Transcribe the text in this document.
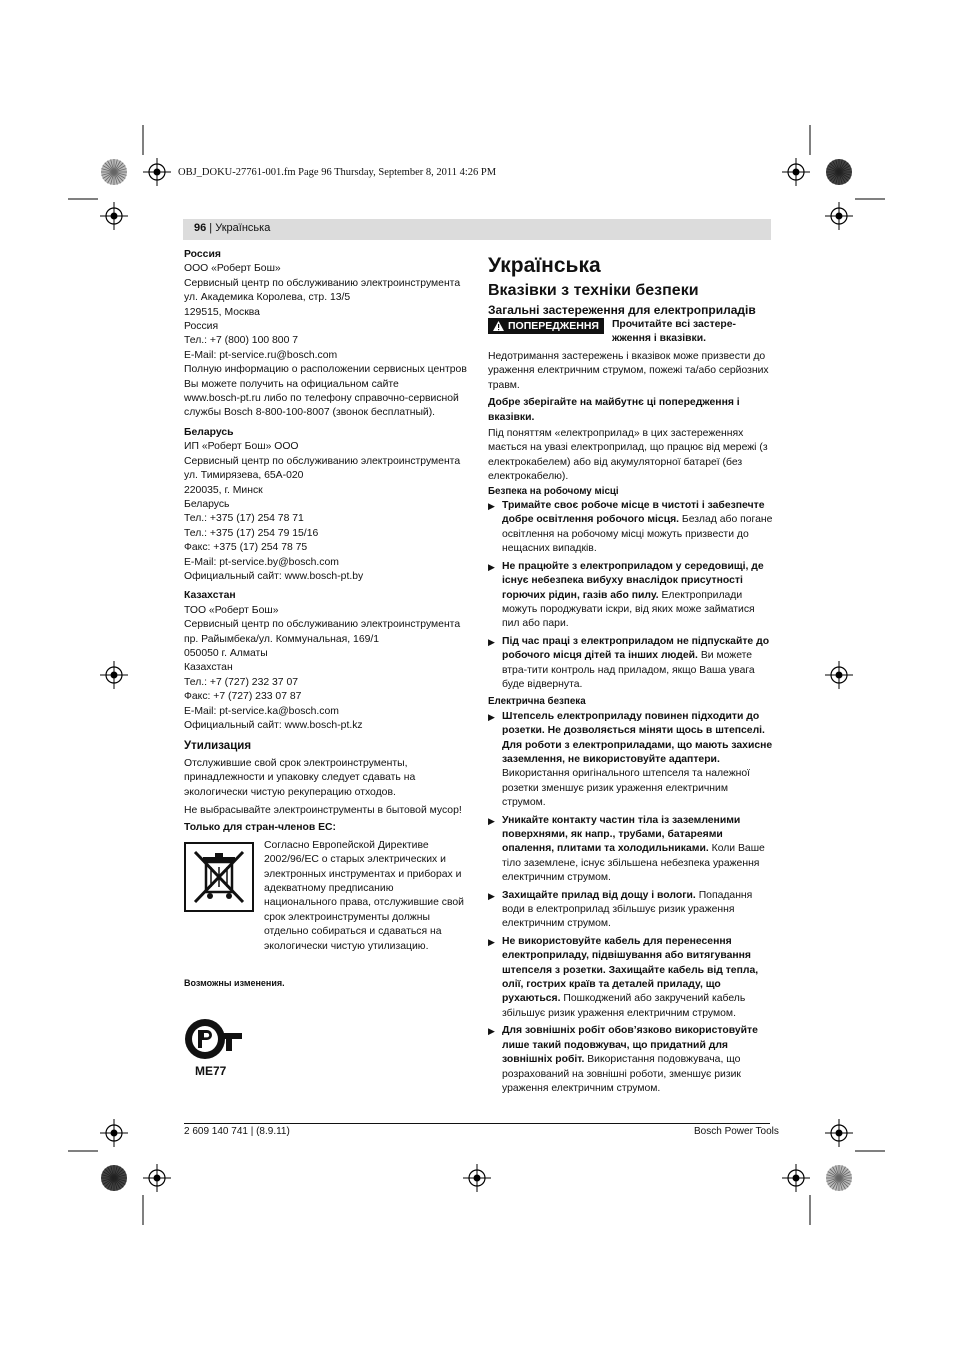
OBJ_DOKU-27761-001.fm Page 96 Thursday, September 8, 2011 4:26 PM
96 | Українська

Россия

ООО «Роберт Бош»

Сервисный центр по обслуживанию электроинструмента

ул. Академика Королева, стр. 13/5

129515, Москва

Россия

Тел.: +7 (800) 100 800 7

E-Mail: pt-service.ru@bosch.com

Полную информацию о расположении сервисных центров

Вы можете получить на официальном сайте

www.bosch-pt.ru либо по телефону справочно-сервисной

службы Bosch 8-800-100-8007 (звонок бесплатный).

Беларусь

ИП «Роберт Бош» ООО

Сервисный центр по обслуживанию электроинструмента

ул. Тимирязева, 65А-020

220035, г. Минск

Беларусь

Тел.: +375 (17) 254 78 71

Тел.: +375 (17) 254 79 15/16

Факс: +375 (17) 254 78 75

E-Mail: pt-service.by@bosch.com

Официальный сайт: www.bosch-pt.by

Казахстан

ТОО «Роберт Бош»

Сервисный центр по обслуживанию электроинструмента

пр. Райымбека/ул. Коммунальная, 169/1

050050 г. Алматы

Казахстан

Тел.: +7 (727) 232 37 07

Факс: +7 (727) 233 07 87

E-Mail: pt-service.ka@bosch.com

Официальный сайт: www.bosch-pt.kz

Утилизация

Отслужившие свой срок электроинструменты, принадлежности и упаковку следует сдавать на экологически чистую рекуперацию отходов.

Не выбрасывайте электроинструменты в бытовой мусор!

Только для стран-членов ЕС:

Согласно Европейской Директиве 2002/96/EC о старых электрических и электронных инструментах и приборах и адекватному предписанию национального права, отслужившие свой срок электроинструменты должны отдельно собираться и сдаваться на экологически чистую утилизацию.

Возможны изменения.

ME77

Українська

Вказівки з техніки безпеки

Загальні застереження для електроприладів

ПОПЕРЕДЖЕННЯ Прочитайте всі застере-жження і вказівки.

Недотримання застережень і вказівок може призвести до ураження електричним струмом, пожежі та/або серйозних травм.

Добре зберігайте на майбутнє ці попередження і вказівки.

Під поняттям «електроприлад» в цих застереженнях мається на увазі електроприлад, що працює від мережі (з електрокабелем) або від акумуляторної батареї (без електрокабелю).

Безпека на робочому місці

▶ Тримайте своє робоче місце в чистоті і забезпечте добре освітлення робочого місця. Безлад або погане освітлення на робочому місці можуть призвести до нещасних випадків.
▶ Не працюйте з електроприладом у середовищі, де існує небезпека вибуху внаслідок присутності горючих рідин, газів або пилу. Електроприлади можуть породжувати іскри, від яких може займатися пил або пари.
▶ Під час праці з електроприладом не підпускайте до робочого місця дітей та інших людей. Ви можете втра-тити контроль над приладом, якщо Ваша увага буде відвернута.

Електрична безпека

▶ Штепсель електроприладу повинен підходити до розетки. Не дозволяється міняти щось в штепселі. Для роботи з електроприладами, що мають захисне заземлення, не використовуйте адаптери. Використання оригінального штепселя та належної розетки зменшує ризик ураження електричним струмом.
▶ Уникайте контакту частин тіла із заземленими поверхнями, як напр., трубами, батареями опалення, плитами та холодильниками. Коли Ваше тіло заземлене, існує збільшена небезпека ураження електричним струмом.
▶ Захищайте прилад від дощу і вологи. Попадання води в електроприлад збільшує ризик ураження електричним струмом.
▶ Не використовуйте кабель для перенесення електроприладу, підвішування або витягування штепселя з розетки. Захищайте кабель від тепла, олії, гострих країв та деталей приладу, що рухаються. Пошкоджений або закручений кабель збільшує ризик ураження електричним струмом.
▶ Для зовнішніх робіт обов’язково використовуйте лише такий подовжувач, що придатний для зовнішніх робіт. Використання подовжувача, що розрахований на зовнішні роботи, зменшує ризик ураження електричним струмом.
2 609 140 741 | (8.9.11)	Bosch Power Tools
